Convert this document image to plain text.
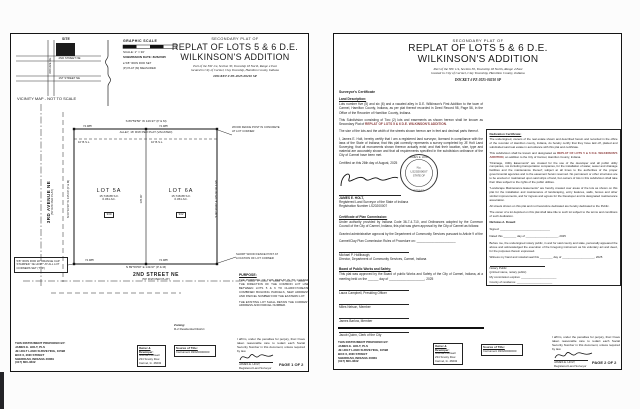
SITE
2ND STREET NE
1ST STREET NE
3RD AVE NE
VICINITY MAP - NOT TO SCALE
GRAPHIC SCALE
SCALE: 1" = 30'
SUBMISSION DATE: 8/26/2025
● 5/8" IRON ROD SET
(P) PLAT (M) MEASURED
SECONDARY PLAT OF
REPLAT OF LOTS 5 & 6 D.E.
WILKINSON'S ADDITION
Part of the NW 1/4, Section 30, Township 18 North, Range 4 East
located in City of Carmel, Clay Township, Hamilton County, Indiana
DOCKET # PZ-2025-00210 SP
S 89°59'50" W 149.97' (P & M)
74.985'	74.985'
ALLEY, 16' R/W PER PLAT (VACATED)
10' B.S.L.	10' B.S.L.
LOT 5A
15,748.88 S.F.
0.361 AC.
330
LOT 6A
15,748.88 S.F.
0.361 AC.
332
3RD AVENUE NE (50' R/W PER PLAT)	N 00°10'30" W 135.00' (P & M)	135.00'	S 00°10'30" E 135.00' (P & M)
WOOD FENCE POST IN CONCRETE AT LOT CORNER
SHORT WOOD FENCE POST AT LOCATION OF LOT CORNER
5/8" IRON ROD W/ ORANGE CAP STAMPED "JE HOLT" AT ALL LOT CORNERS SET (TYP.)
74.985'	74.985'
N 89°59'50" E 149.97' (P & M)
2ND STREET NE
(50' R/W PER PLAT)
PURPOSE:
THE PURPOSE OF THIS REPLAT IS TO CHANGE THE DIRECTION OF THE COMMON LOT LINE BETWEEN LOTS 5 & 6 TO CLARIFY/CREATE COMBINED BUILDING PARCELS, NEW ADDRESS AND PARCEL NUMBER FOR THE EASTERN LOT.
THE EXISTING LOT SHALL RETAIN THE CURRENT ADDRESS AND PARCEL NUMBER.
THIS INSTRUMENT PREPARED BY:
JAMES E. HOLT, PLS
JE HOLT LAND SURVEYING, 10598
BOX 6, 2ND STREET
SHERIDAN, INDIANA 46069
(317) 800-4632
Owner & Developer:
Joshua A Dowell
234 Smoky Row
Carmel, In. 46032
Zoning:
R-2 Residential District
Source of Title:
Instrument #2020000000
I affirm, under the penalties for perjury, that I have taken reasonable care to redact each Social Security Number in this document, unless required by law.
JAMES E. HOLT,
Registered Land Surveyor
PAGE 1 OF 2
SECONDARY PLAT OF
REPLAT OF LOTS 5 & 6 D.E.
WILKINSON'S ADDITION
Part of the NW 1/4, Section 30, Township 18 North, Range 4 East
located in City of Carmel, Clay Township, Hamilton County, Indiana
DOCKET # PZ-2025-00210 SP
Surveyor's Certificate
Land Description:
Lots number five (5) and six (6) and a vacated alley in D.E. Wilkinson's First Addition to the town of Carmel, Hamilton County, Indiana, as per plat thereof recorded in Deed Record 98, Page 56, in the Office of the Recorder of Hamilton County, Indiana.
This Subdivision consisting of Two (2) lots and easements as shown hereon shall be known as Secondary Plat of REPLAT OF LOTS 5 & 6 D.E. WILKINSON'S ADDITION.
The size of the lots and the width of the streets shown hereon are in feet and decimal parts thereof.
I, James E. Holt, hereby certify that I am a registered land surveyor, licensed in compliance with the laws of the State of Indiana; that this plat correctly represents a survey completed by JE Holt Land Surveying; that all monuments shown thereon actually exist; and that their location, size, type and material are accurately shown and that all requirements specified in the subdivision ordinance of the City of Carmel have been met.
Certified on this 26th day of August, 2025
JAMES E. HOLT
No.
LS20200007
STATE OF
INDIANA
JAMES E. HOLT,
Registered Land Surveyor of the State of Indiana
Registration Number LS20200007
Certificate of Plan Commission:
Under authority provided by Indiana Code 36-7-4-710, and Ordinances adopted by the Common Council of the City of Carmel, Indiana, this plat was given approval by the City of Carmel as follows:
Granted administrative approval by the Department of Community Services pursuant to Article 9 of the
Carmel/Clay Plan Commission Rules of Procedure on: ______________________
Michael P. Hollibaugh,
Director, Department of Community Services, Carmel, Indiana
Board of Public Works and Safety:
This plat was approved by the Board of public Works and Safety of the City of Carmel, Indiana, at a meeting held on the ______ day of ____________________, 2025
Laura Campbell, Presiding Officer
Miles Nelson, Member
James Barlow, Member
Jacob Quinn, Clerk of the City
Dedication Certificate:
The undersigned, owners of the real estate shown and described herein and recorded in the office of the recorder of Hamilton county, Indiana, do hereby certify that they have laid off, platted and subdivided said real estate in accordance with this plat and certificate.
This subdivision shall be known and designated as REPLAT OF LOTS 5 & 6 D.E. WILKINSON'S ADDITION, an addition to the City of Carmel, Hamilton County, Indiana.
"Drainage, Utility Easements" are created for the use of the developer and all public utility companies, not including transportation companies, for the installation of water, sewer and drainage facilities and the maintenance thereof; subject at all times to the authorities of the proper governmental agencies and to the easement herein reserved. No permanent or other structures are to be erected or maintained upon said strips of land, but owners of lots in this subdivision shall take their titles subject to the rights of the public utilities.
"Landscape Maintenance Easements" are hereby created over areas of the lots as shown on this plat for the installation and maintenance of landscaping, entry features, walls, fences and other similar improvements, and for ingress and egress for the Developer and its designated maintenance association.
All streets shown on this plat and not heretofore dedicated are hereby dedicated to the Public.
The owner of a lot depicted on this plat shall take title to such lot subject to the terms and conditions of such dedication.
Nicholas A. Dowell
Signed: _______________________________
Dated this ________ day of ____________________, 2025
Before me, the undersigned notary public, in and for said county and state, personally appeared the above and acknowledged the execution of the foregoing instrument as his voluntary act and deed, for the purposes therein expressed.
Witness my hand and notarial seal this ________ day of ____________________, 2025
Notary Public
(printed name, notary public)
My commission expires: ______________________
County of residence: ______________________
THIS INSTRUMENT PREPARED BY:
JAMES E. HOLT, PLS
JE HOLT LAND SURVEYING, 10598
BOX 6, 2ND STREET
SHERIDAN, INDIANA 46069
(317) 800-4632
Owner & Developer:
Joshua A Dowell
234 Smoky Row
Carmel, In. 46032
Source of Title:
Instrument #2020000000
I affirm, under the penalties for perjury, that I have taken reasonable care to redact each Social Security Number in this document, unless required by law.
JAMES E. HOLT,
Registered Land Surveyor
PAGE 2 OF 2
